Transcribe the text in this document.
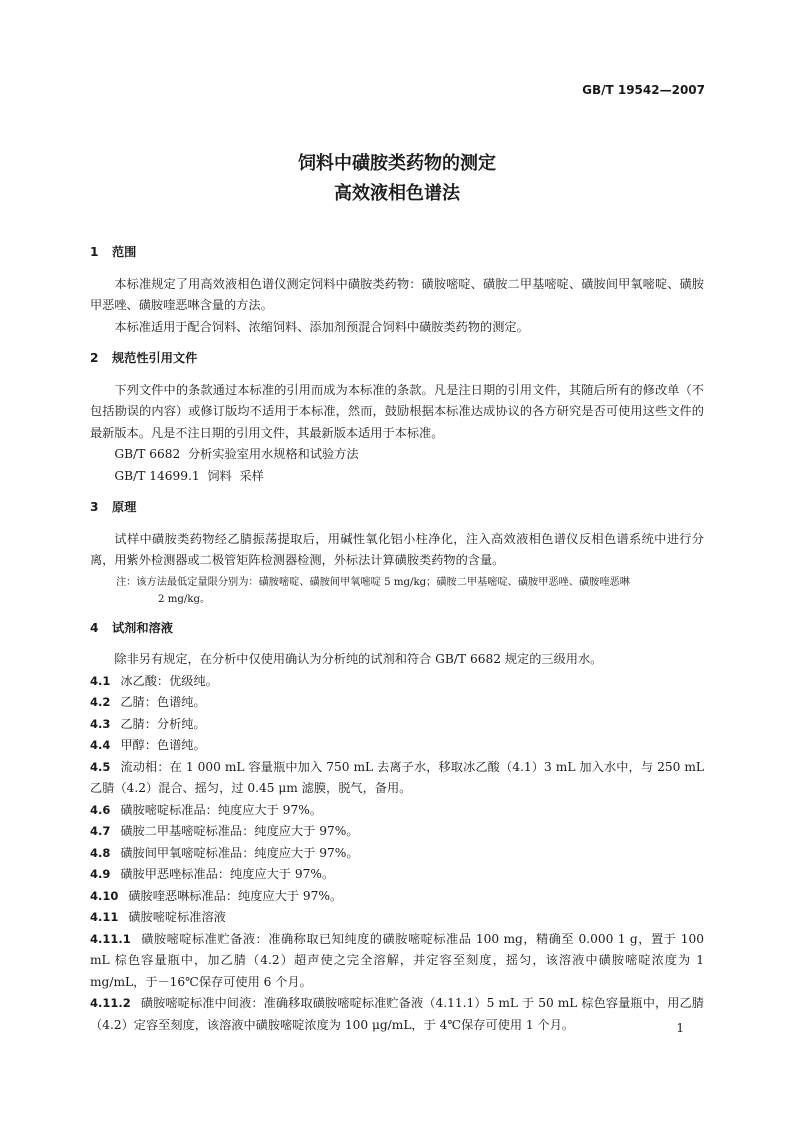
GB/T 19542—2007
饲料中磺胺类药物的测定
高效液相色谱法
1	范围

本标准规定了用高效液相色谱仪测定饲料中磺胺类药物：磺胺嘧啶、磺胺二甲基嘧啶、磺胺间甲氧嘧啶、磺胺甲恶唑、磺胺喹恶啉含量的方法。

本标准适用于配合饲料、浓缩饲料、添加剂预混合饲料中磺胺类药物的测定。

2	规范性引用文件

下列文件中的条款通过本标准的引用而成为本标准的条款。凡是注日期的引用文件，其随后所有的修改单（不包括勘误的内容）或修订版均不适用于本标准，然而，鼓励根据本标准达成协议的各方研究是否可使用这些文件的最新版本。凡是不注日期的引用文件，其最新版本适用于本标准。

GB/T 6682  分析实验室用水规格和试验方法

GB/T 14699.1  饲料  采样

3	原理

试样中磺胺类药物经乙腈振荡提取后，用碱性氧化铝小柱净化，注入高效液相色谱仪反相色谱系统中进行分离，用紫外检测器或二极管矩阵检测器检测，外标法计算磺胺类药物的含量。

注：该方法最低定量限分别为：磺胺嘧啶、磺胺间甲氧嘧啶 5 mg/kg；磺胺二甲基嘧啶、磺胺甲恶唑、磺胺喹恶啉
2 mg/kg。
4	试剂和溶液

除非另有规定，在分析中仅使用确认为分析纯的试剂和符合 GB/T 6682 规定的三级用水。

4.1 冰乙酸：优级纯。

4.2 乙腈：色谱纯。

4.3 乙腈：分析纯。

4.4 甲醇：色谱纯。

4.5 流动相：在 1 000 mL 容量瓶中加入 750 mL 去离子水，移取冰乙酸（4.1）3 mL 加入水中，与 250 mL乙腈（4.2）混合、摇匀，过 0.45 μm 滤膜，脱气，备用。

4.6 磺胺嘧啶标准品：纯度应大于 97%。

4.7 磺胺二甲基嘧啶标准品：纯度应大于 97%。

4.8 磺胺间甲氧嘧啶标准品：纯度应大于 97%。

4.9 磺胺甲恶唑标准品：纯度应大于 97%。

4.10 磺胺喹恶啉标准品：纯度应大于 97%。

4.11 磺胺嘧啶标准溶液

4.11.1 磺胺嘧啶标准贮备液：准确称取已知纯度的磺胺嘧啶标准品 100 mg，精确至 0.000 1 g，置于 100 mL 棕色容量瓶中，加乙腈（4.2）超声使之完全溶解，并定容至刻度，摇匀，该溶液中磺胺嘧啶浓度为 1 mg/mL，于－16℃保存可使用 6 个月。

4.11.2 磺胺嘧啶标准中间液：准确移取磺胺嘧啶标准贮备液（4.11.1）5 mL 于 50 mL 棕色容量瓶中，用乙腈（4.2）定容至刻度，该溶液中磺胺嘧啶浓度为 100 μg/mL，于 4℃保存可使用 1 个月。	1
